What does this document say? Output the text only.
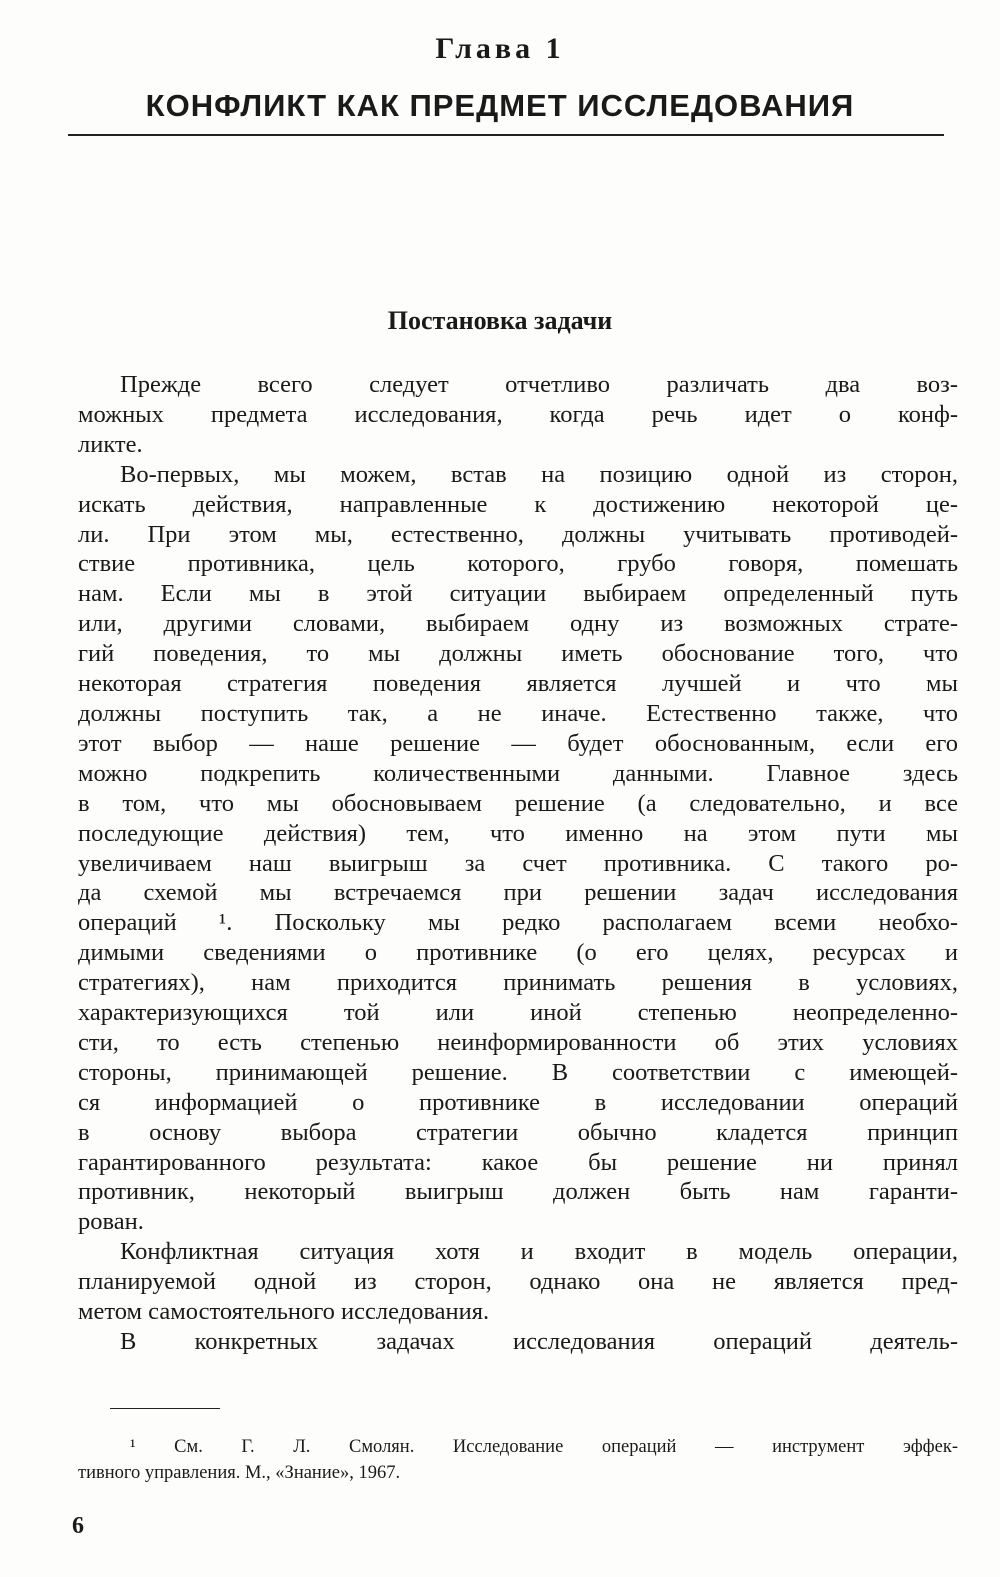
Глава 1
КОНФЛИКТ КАК ПРЕДМЕТ ИССЛЕДОВАНИЯ
Постановка задачи
Прежде всего следует отчетливо различать два воз-
можных предмета исследования, когда речь идет о конф-
ликте.
Во-первых, мы можем, встав на позицию одной из сторон,
искать действия, направленные к достижению некоторой це-
ли. При этом мы, естественно, должны учитывать противодей-
ствие противника, цель которого, грубо говоря, помешать
нам. Если мы в этой ситуации выбираем определенный путь
или, другими словами, выбираем одну из возможных страте-
гий поведения, то мы должны иметь обоснование того, что
некоторая стратегия поведения является лучшей и что мы
должны поступить так, а не иначе. Естественно также, что
этот выбор — наше решение — будет обоснованным, если его
можно подкрепить количественными данными. Главное здесь
в том, что мы обосновываем решение (а следовательно, и все
последующие действия) тем, что именно на этом пути мы
увеличиваем наш выигрыш за счет противника. С такого ро-
да схемой мы встречаемся при решении задач исследования
операций ¹. Поскольку мы редко располагаем всеми необхо-
димыми сведениями о противнике (о его целях, ресурсах и
стратегиях), нам приходится принимать решения в условиях,
характеризующихся той или иной степенью неопределенно-
сти, то есть степенью неинформированности об этих условиях
стороны, принимающей решение. В соответствии с имеющей-
ся информацией о противнике в исследовании операций
в основу выбора стратегии обычно кладется принцип
гарантированного результата: какое бы решение ни принял
противник, некоторый выигрыш должен быть нам гаранти-
рован.
Конфликтная ситуация хотя и входит в модель операции,
планируемой одной из сторон, однако она не является пред-
метом самостоятельного исследования.
В конкретных задачах исследования операций деятель-
¹ См. Г. Л. Смолян. Исследование операций — инструмент эффек-
тивного управления. М., «Знание», 1967.
6
